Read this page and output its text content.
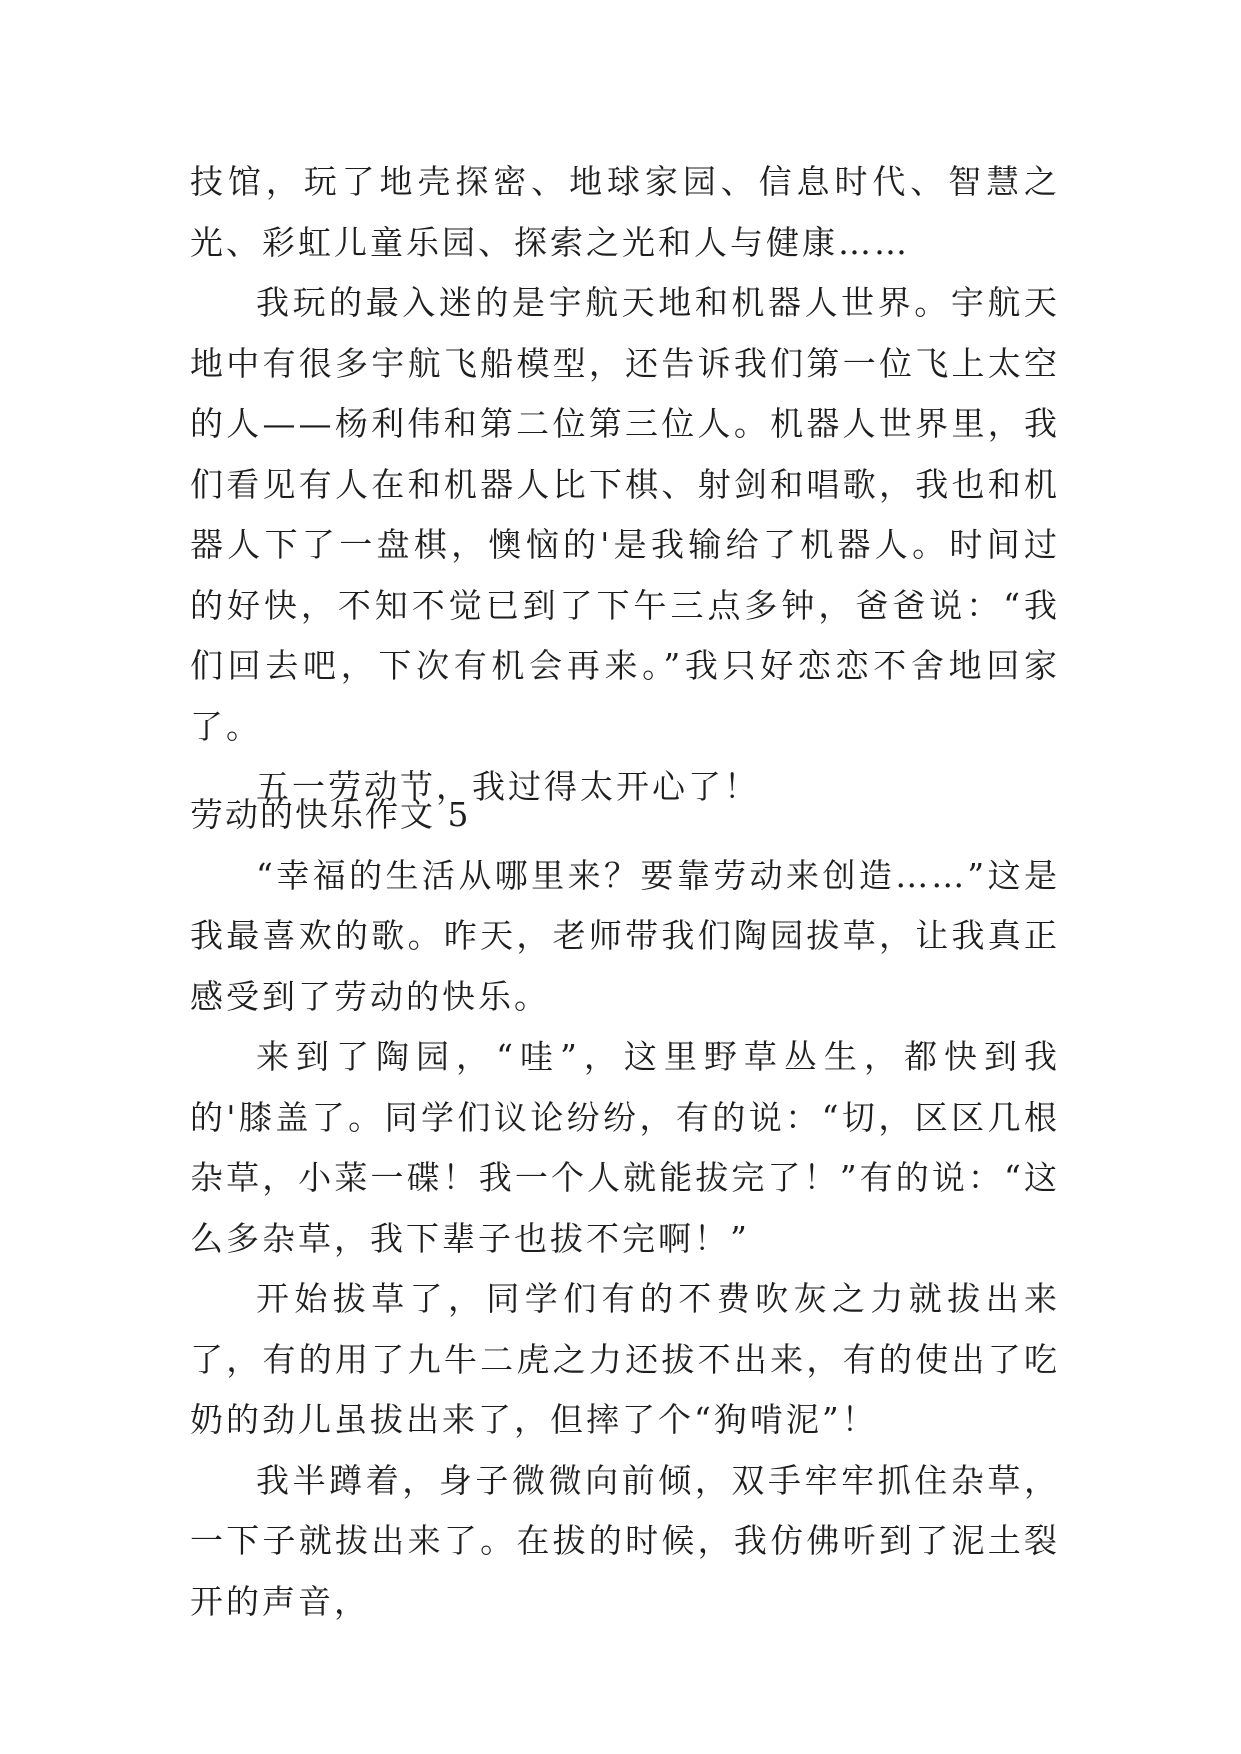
技馆，玩了地壳探密、地球家园、信息时代、智慧之光、彩虹儿童乐园、探索之光和人与健康……

我玩的最入迷的是宇航天地和机器人世界。宇航天地中有很多宇航飞船模型，还告诉我们第一位飞上太空的人——杨利伟和第二位第三位人。机器人世界里，我们看见有人在和机器人比下棋、射剑和唱歌，我也和机器人下了一盘棋，懊恼的'是我输给了机器人。时间过的好快，不知不觉已到了下午三点多钟，爸爸说：“我们回去吧，下次有机会再来。”我只好恋恋不舍地回家了。

五一劳动节，我过得太开心了！

劳动的快乐作文 5

“幸福的生活从哪里来？要靠劳动来创造……”这是我最喜欢的歌。昨天，老师带我们陶园拔草，让我真正感受到了劳动的快乐。

来到了陶园，“哇”，这里野草丛生，都快到我的'膝盖了。同学们议论纷纷，有的说：“切，区区几根杂草，小菜一碟！我一个人就能拔完了！”有的说：“这么多杂草，我下辈子也拔不完啊！”

开始拔草了，同学们有的不费吹灰之力就拔出来了，有的用了九牛二虎之力还拔不出来，有的使出了吃奶的劲儿虽拔出来了，但摔了个“狗啃泥”！

我半蹲着，身子微微向前倾，双手牢牢抓住杂草，一下子就拔出来了。在拔的时候，我仿佛听到了泥土裂开的声音，
